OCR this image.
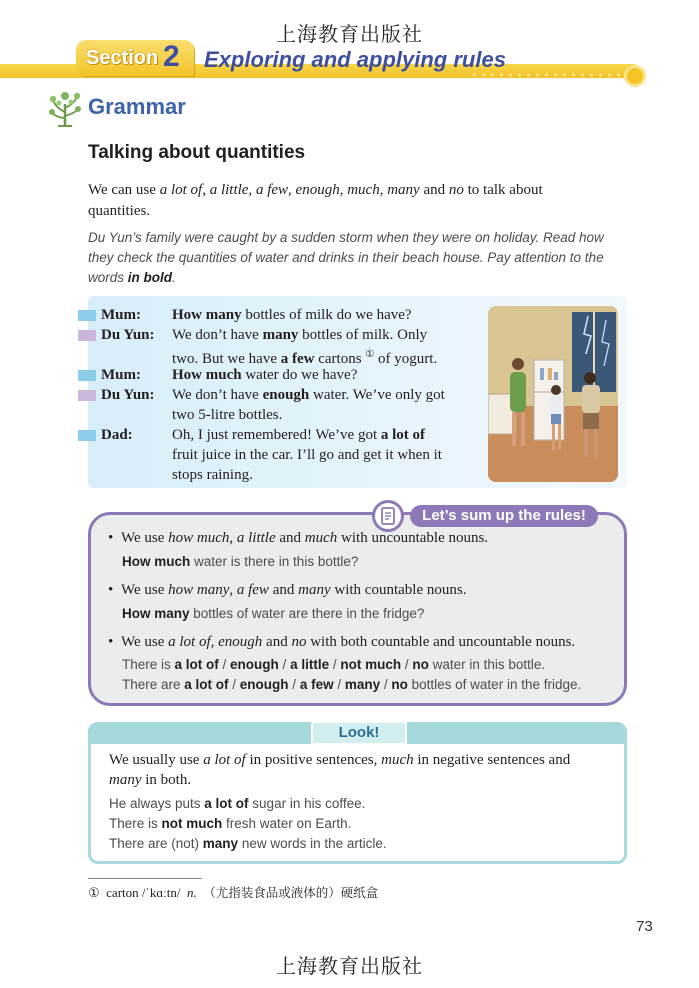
上海教育出版社
Section 2 Exploring and applying rules
Grammar
Talking about quantities
We can use a lot of, a little, a few, enough, much, many and no to talk about quantities.
Du Yun’s family were caught by a sudden storm when they were on holiday. Read how they check the quantities of water and drinks in their beach house. Pay attention to the words in bold.
Mum: How many bottles of milk do we have?
Du Yun: We don’t have many bottles of milk. Only
two. But we have a few cartons ① of yogurt.
Mum: How much water do we have?
Du Yun: We don’t have enough water. We’ve only got
two 5-litre bottles.
Dad:	Oh, I just remembered! We’ve got a lot of
fruit juice in the car. I’ll go and get it when it
stops raining.
Let’s sum up the rules!
• We use how much, a little and much with uncountable nouns.
How much water is there in this bottle?
• We use how many, a few and many with countable nouns.
How many bottles of water are there in the fridge?
• We use a lot of, enough and no with both countable and uncountable nouns.
There is a lot of / enough / a little / not much / no water in this bottle.
There are a lot of / enough / a few / many / no bottles of water in the fridge.
Look!
We usually use a lot of in positive sentences, much in negative sentences and many in both.
He always puts a lot of sugar in his coffee.
There is not much fresh water on Earth.
There are (not) many new words in the article.
① carton /ˈkɑːtn/ n. （尤指装食品或液体的）硬纸盒
73
上海教育出版社
